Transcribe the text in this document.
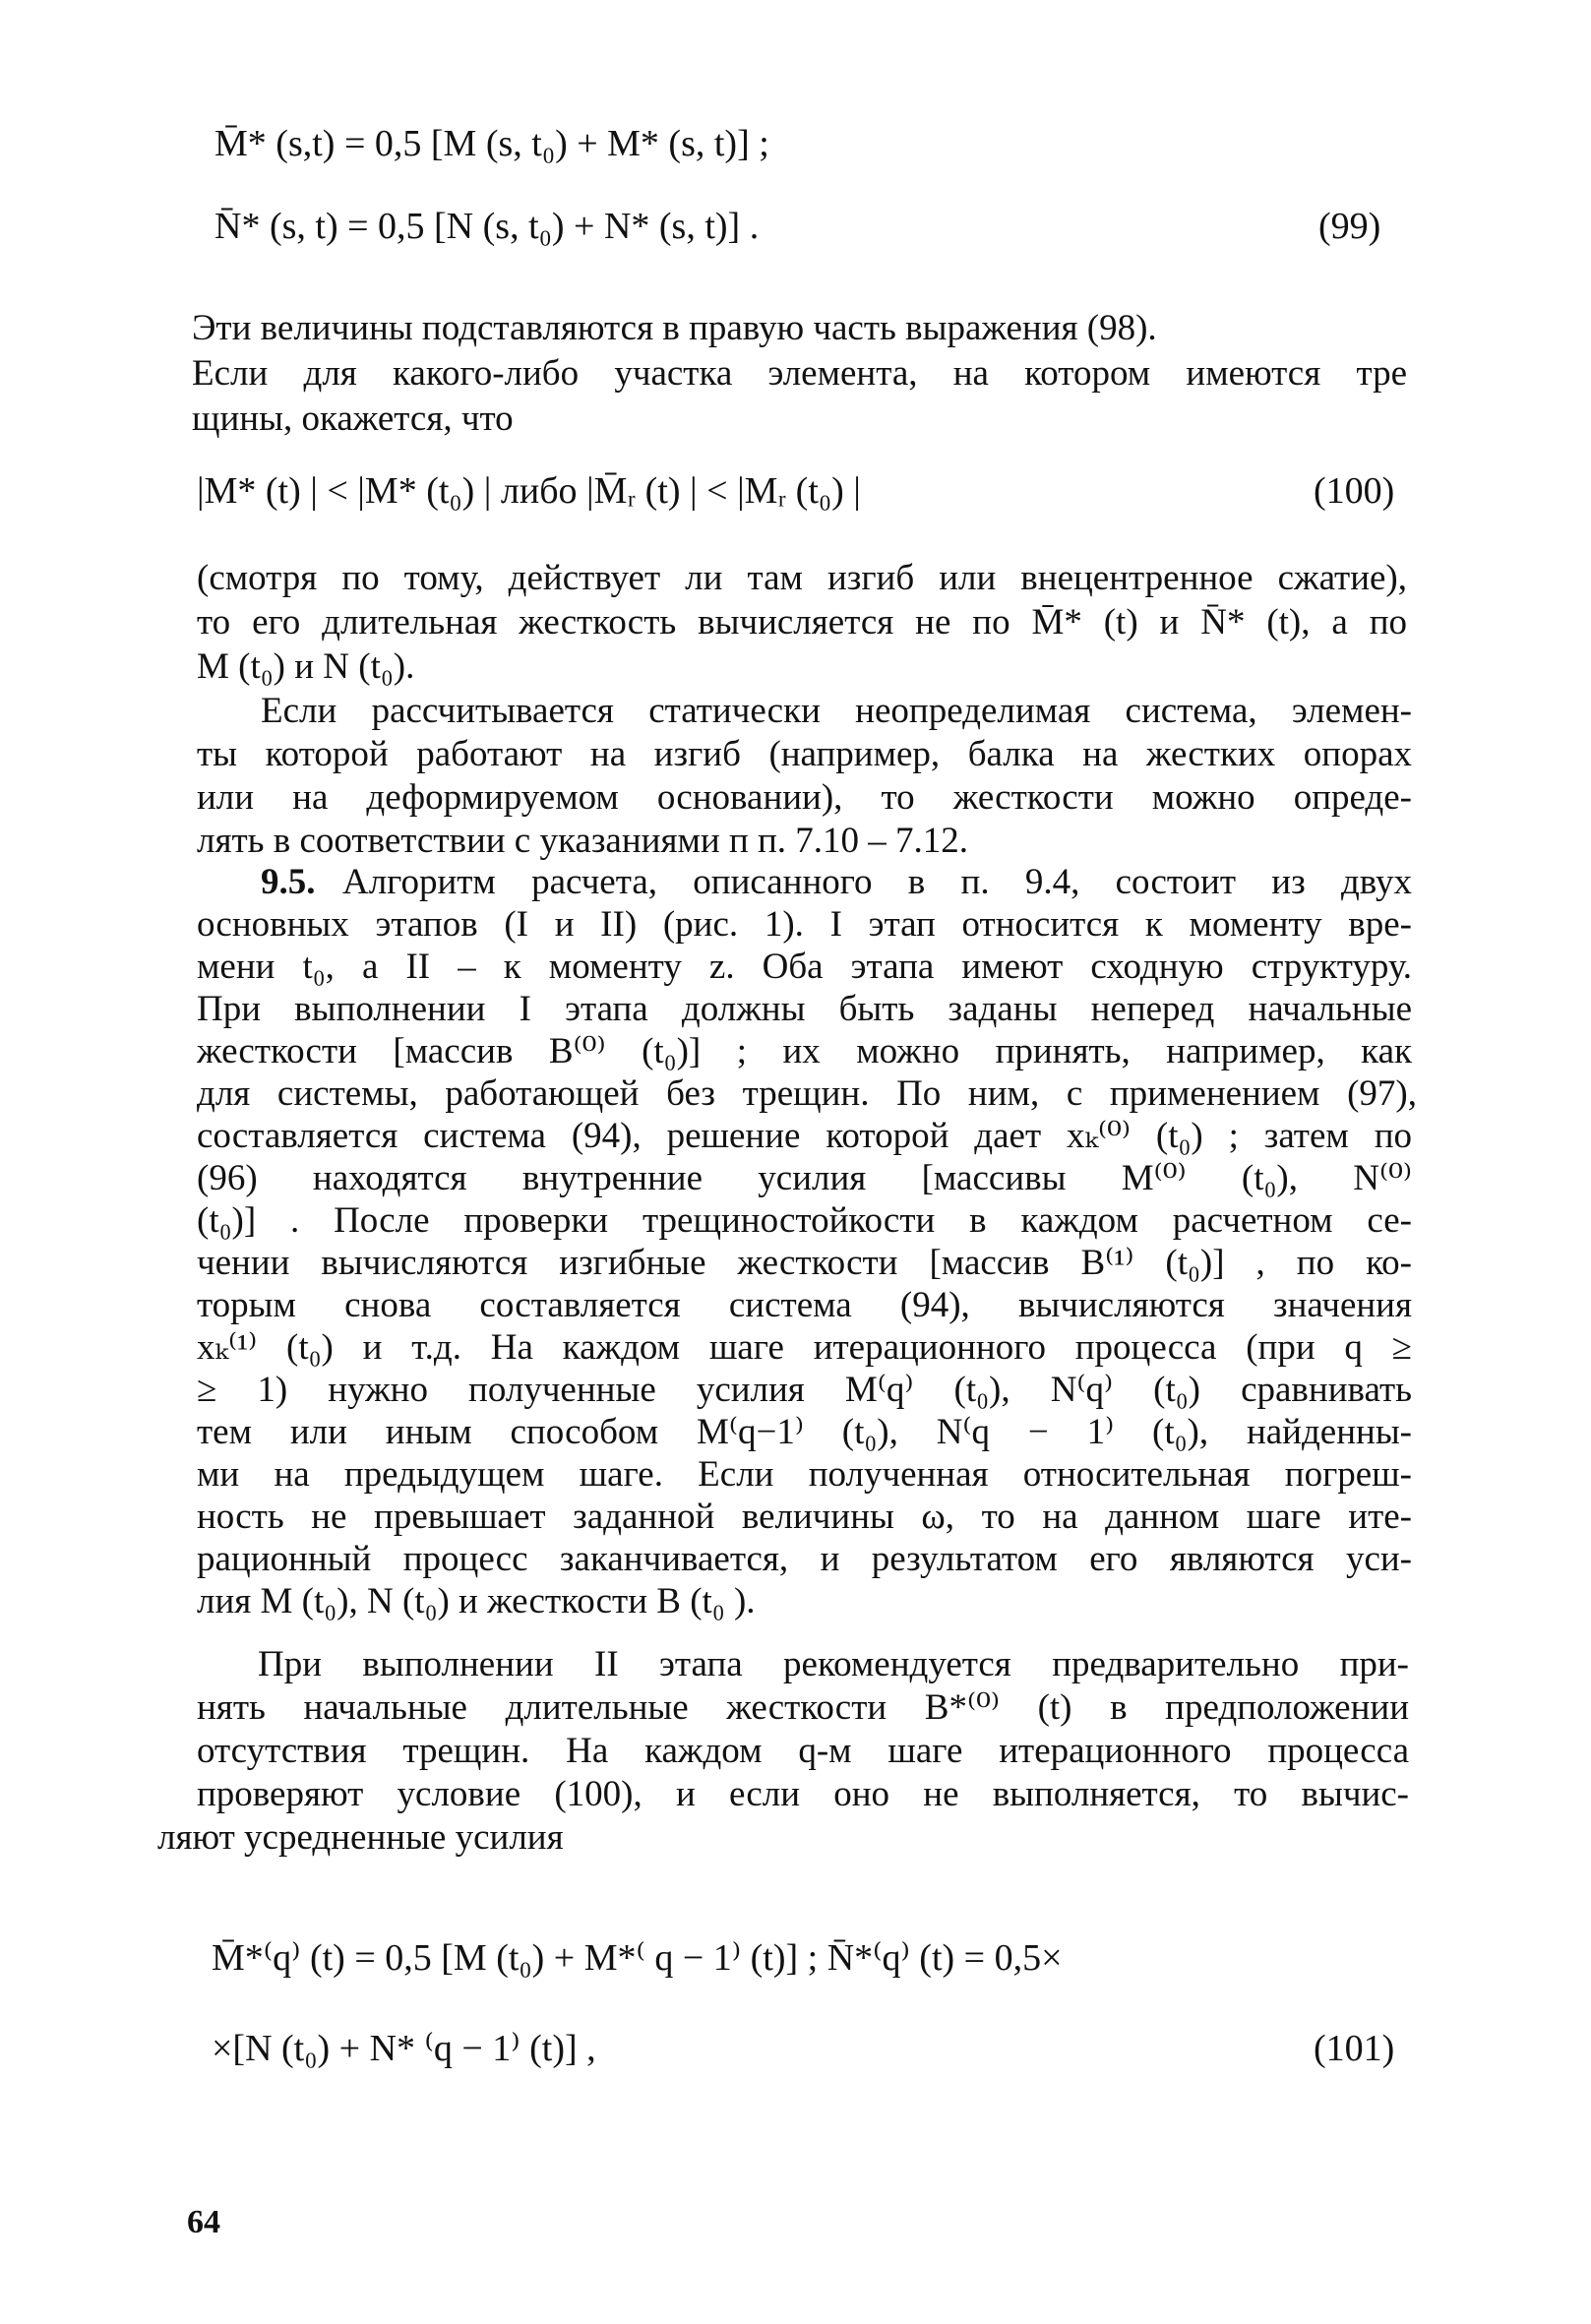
M̄* (s,t) = 0,5 [M (s, t₀) + M* (s, t)] ;
N̄* (s, t) = 0,5 [N (s, t₀) + N* (s, t)] .	(99)
Эти величины подставляются в правую часть выражения (98).
Если для какого-либо участка элемента, на котором имеются тре
щины, окажется, что
|M* (t) | < |M* (t₀) | либо |M̄ᵣ (t) | < |Mᵣ (t₀) |	(100)
(смотря по тому, действует ли там изгиб или внецентренное сжатие),
то его длительная жесткость вычисляется не по M̄* (t) и N̄* (t), а по
M (t₀) и N (t₀).
Если рассчитывается статически неопределимая система, элемен-
ты которой работают на изгиб (например, балка на жестких опорах
или на деформируемом основании), то жесткости можно опреде-
лять в соответствии с указаниями п п. 7.10 – 7.12.
9.5. Алгоритм расчета, описанного в п. 9.4, состоит из двух
основных этапов (I и II) (рис. 1). I этап относится к моменту вре-
мени t₀, а II – к моменту z. Оба этапа имеют сходную структуру.
При выполнении I этапа должны быть заданы неперед начальные
жесткости [массив B⁽⁰⁾ (t₀)] ; их можно принять, например, как
для системы, работающей без трещин. По ним, с применением (97),
составляется система (94), решение которой дает xₖ⁽⁰⁾ (t₀) ; затем по
(96) находятся внутренние усилия [массивы M⁽⁰⁾ (t₀), N⁽⁰⁾
(t₀)] . После проверки трещиностойкости в каждом расчетном се-
чении вычисляются изгибные жесткости [массив B⁽¹⁾ (t₀)] , по ко-
торым снова составляется система (94), вычисляются значения
xₖ⁽¹⁾ (t₀) и т.д. На каждом шаге итерационного процесса (при q ≥
≥ 1) нужно полученные усилия M⁽q⁾ (t₀), N⁽q⁾ (t₀) сравнивать
тем или иным способом M⁽q−1⁾ (t₀), N⁽q − 1⁾ (t₀), найденны-
ми на предыдущем шаге. Если полученная относительная погреш-
ность не превышает заданной величины ω, то на данном шаге ите-
рационный процесс заканчивается, и результатом его являются уси-
лия M (t₀), N (t₀) и жесткости B (t₀ ).
При выполнении II этапа рекомендуется предварительно при-
нять начальные длительные жесткости B*⁽⁰⁾ (t) в предположении
отсутствия трещин. На каждом q-м шаге итерационного процесса
проверяют условие (100), и если оно не выполняется, то вычис-
ляют усредненные усилия
M̄*⁽q⁾ (t) = 0,5 [M (t₀) + M*⁽ q − 1⁾ (t)] ; N̄*⁽q⁾ (t) = 0,5×
×[N (t₀) + N* ⁽q − 1⁾ (t)] ,	(101)
64
